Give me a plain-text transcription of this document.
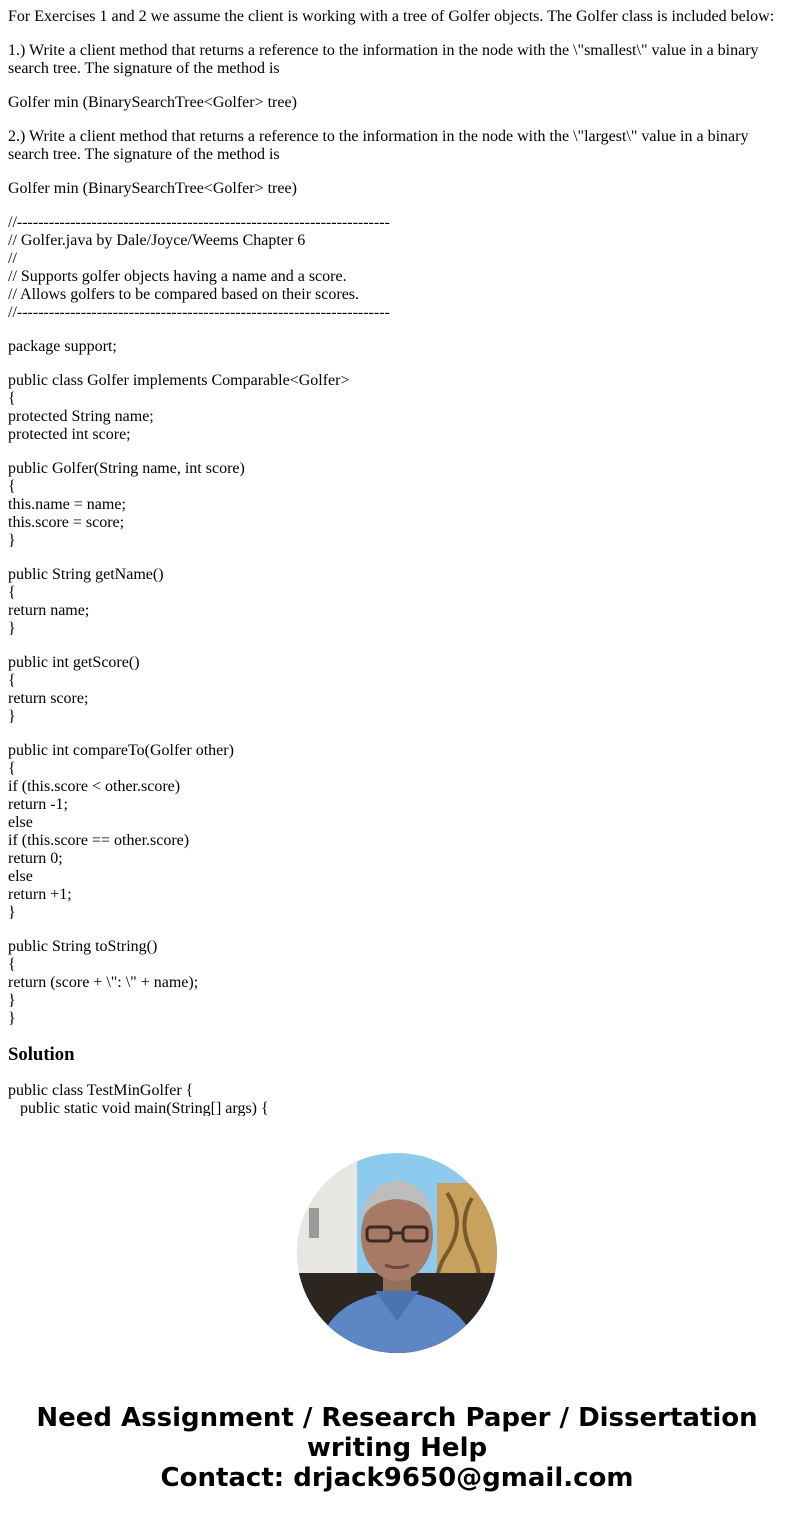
For Exercises 1 and 2 we assume the client is working with a tree of Golfer objects. The Golfer class is included below:

1.) Write a client method that returns a reference to the information in the node with the \"smallest\" value in a binary search tree. The signature of the method is

Golfer min (BinarySearchTree<Golfer> tree)

2.) Write a client method that returns a reference to the information in the node with the \"largest\" value in a binary search tree. The signature of the method is

Golfer min (BinarySearchTree<Golfer> tree)

//----------------------------------------------------------------------
// Golfer.java by Dale/Joyce/Weems Chapter 6
//
// Supports golfer objects having a name and a score.
// Allows golfers to be compared based on their scores.
//----------------------------------------------------------------------
package support;
public class Golfer implements Comparable<Golfer>
{
protected String name;
protected int score;
public Golfer(String name, int score)
{
this.name = name;
this.score = score;
}
public String getName()
{
return name;
}
public int getScore()
{
return score;
}
public int compareTo(Golfer other)
{
if (this.score < other.score)
return -1;
else
if (this.score == other.score)
return 0;
else
return +1;
}
public String toString()
{
return (score + \": \" + name);
}
}
Solution
public class TestMinGolfer {
public static void main(String[] args) {
Need Assignment / Research Paper / Dissertation
writing Help
Contact: drjack9650@gmail.com
